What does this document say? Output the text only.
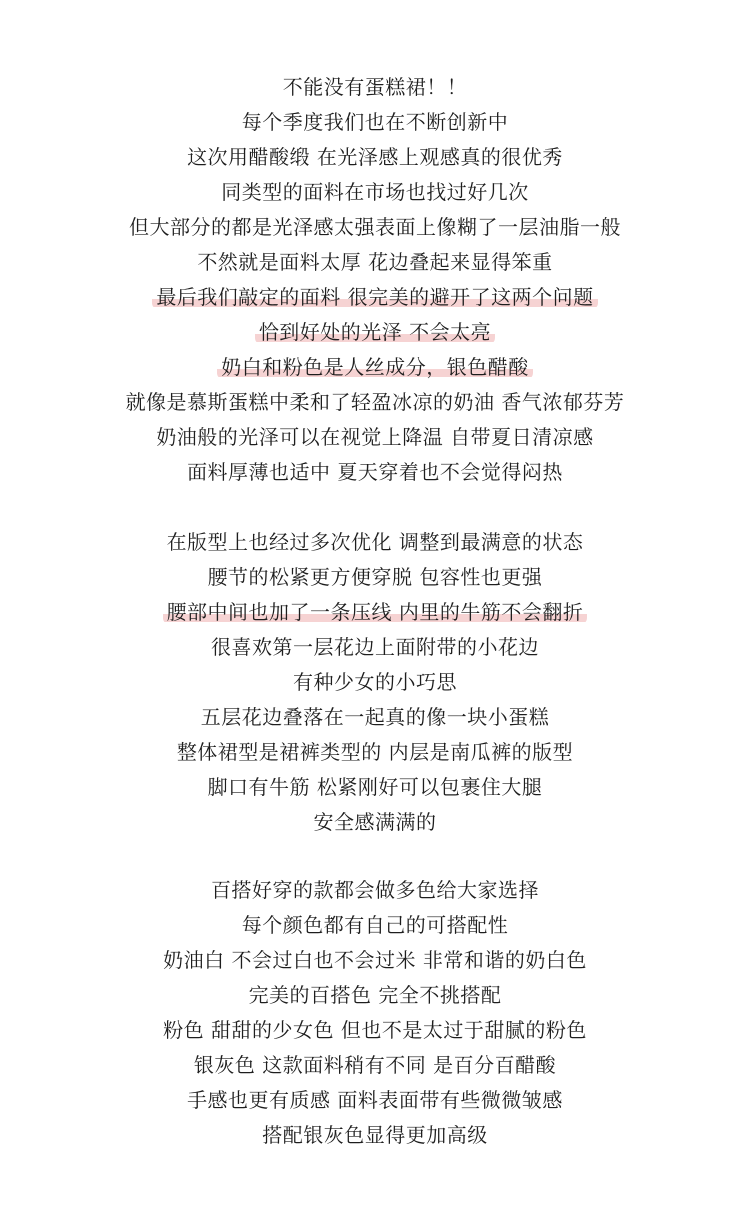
不能没有蛋糕裙！！
每个季度我们也在不断创新中
这次用醋酸缎 在光泽感上观感真的很优秀
同类型的面料在市场也找过好几次
但大部分的都是光泽感太强表面上像糊了一层油脂一般
不然就是面料太厚 花边叠起来显得笨重
最后我们敲定的面料 很完美的避开了这两个问题
恰到好处的光泽 不会太亮
奶白和粉色是人丝成分，银色醋酸
就像是慕斯蛋糕中柔和了轻盈冰凉的奶油 香气浓郁芬芳
奶油般的光泽可以在视觉上降温 自带夏日清凉感
面料厚薄也适中 夏天穿着也不会觉得闷热
在版型上也经过多次优化 调整到最满意的状态
腰节的松紧更方便穿脱 包容性也更强
腰部中间也加了一条压线 内里的牛筋不会翻折
很喜欢第一层花边上面附带的小花边
有种少女的小巧思
五层花边叠落在一起真的像一块小蛋糕
整体裙型是裙裤类型的 内层是南瓜裤的版型
脚口有牛筋 松紧刚好可以包裹住大腿
安全感满满的
百搭好穿的款都会做多色给大家选择
每个颜色都有自己的可搭配性
奶油白 不会过白也不会过米 非常和谐的奶白色
完美的百搭色 完全不挑搭配
粉色 甜甜的少女色 但也不是太过于甜腻的粉色
银灰色 这款面料稍有不同 是百分百醋酸
手感也更有质感 面料表面带有些微微皱感
搭配银灰色显得更加高级
